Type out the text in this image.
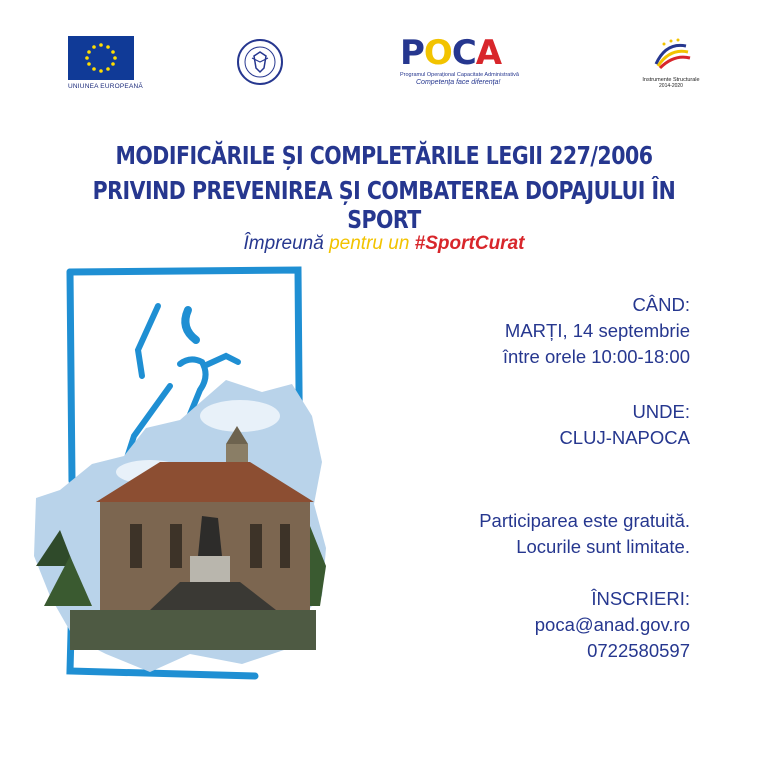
UNIUNEA EUROPEANĂ
POCA
Programul Operațional Capacitate Administrativă
Competența face diferența!	Instrumente Structurale
2014-2020
MODIFICĂRILE ȘI COMPLETĂRILE LEGII 227/2006
PRIVIND PREVENIREA ȘI COMBATEREA DOPAJULUI ÎN SPORT
Împreună pentru un #SportCurat
CÂND:
MARȚI, 14 septembrie
între orele 10:00-18:00
UNDE:
CLUJ-NAPOCA
Participarea este gratuită.
Locurile sunt limitate.
ÎNSCRIERI:
poca@anad.gov.ro
0722580597
